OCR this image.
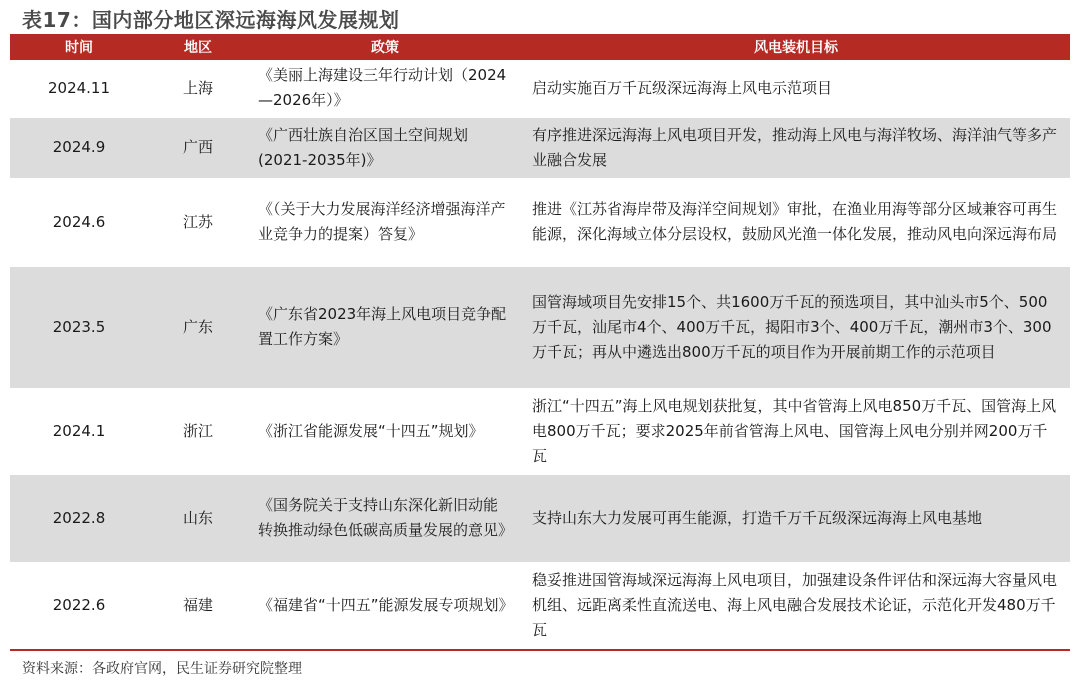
表17：国内部分地区深远海海风发展规划
时间	地区	政策	风电装机目标
2024.11	上海	《美丽上海建设三年行动计划（2024—2026年）》	启动实施百万千瓦级深远海海上风电示范项目
2024.9	广西	《广西壮族自治区国土空间规划(2021-2035年)》	有序推进深远海海上风电项目开发，推动海上风电与海洋牧场、海洋油气等多产业融合发展
2024.6	江苏	《（关于大力发展海洋经济增强海洋产业竞争力的提案）答复》	推进《江苏省海岸带及海洋空间规划》审批，在渔业用海等部分区域兼容可再生能源，深化海域立体分层设权，鼓励风光渔一体化发展，推动风电向深远海布局
2023.5	广东	《广东省2023年海上风电项目竞争配置工作方案》	国管海域项目先安排15个、共1600万千瓦的预选项目，其中汕头市5个、500万千瓦，汕尾市4个、400万千瓦，揭阳市3个、400万千瓦，潮州市3个、300万千瓦；再从中遴选出800万千瓦的项目作为开展前期工作的示范项目
2024.1	浙江	《浙江省能源发展“十四五”规划》	浙江“十四五”海上风电规划获批复，其中省管海上风电850万千瓦、国管海上风电800万千瓦；要求2025年前省管海上风电、国管海上风电分别并网200万千瓦
2022.8	山东	《国务院关于支持山东深化新旧动能转换推动绿色低碳高质量发展的意见》	支持山东大力发展可再生能源，打造千万千瓦级深远海海上风电基地
2022.6	福建	《福建省“十四五”能源发展专项规划》	稳妥推进国管海域深远海海上风电项目，加强建设条件评估和深远海大容量风电机组、远距离柔性直流送电、海上风电融合发展技术论证，示范化开发480万千瓦
资料来源：各政府官网，民生证券研究院整理
